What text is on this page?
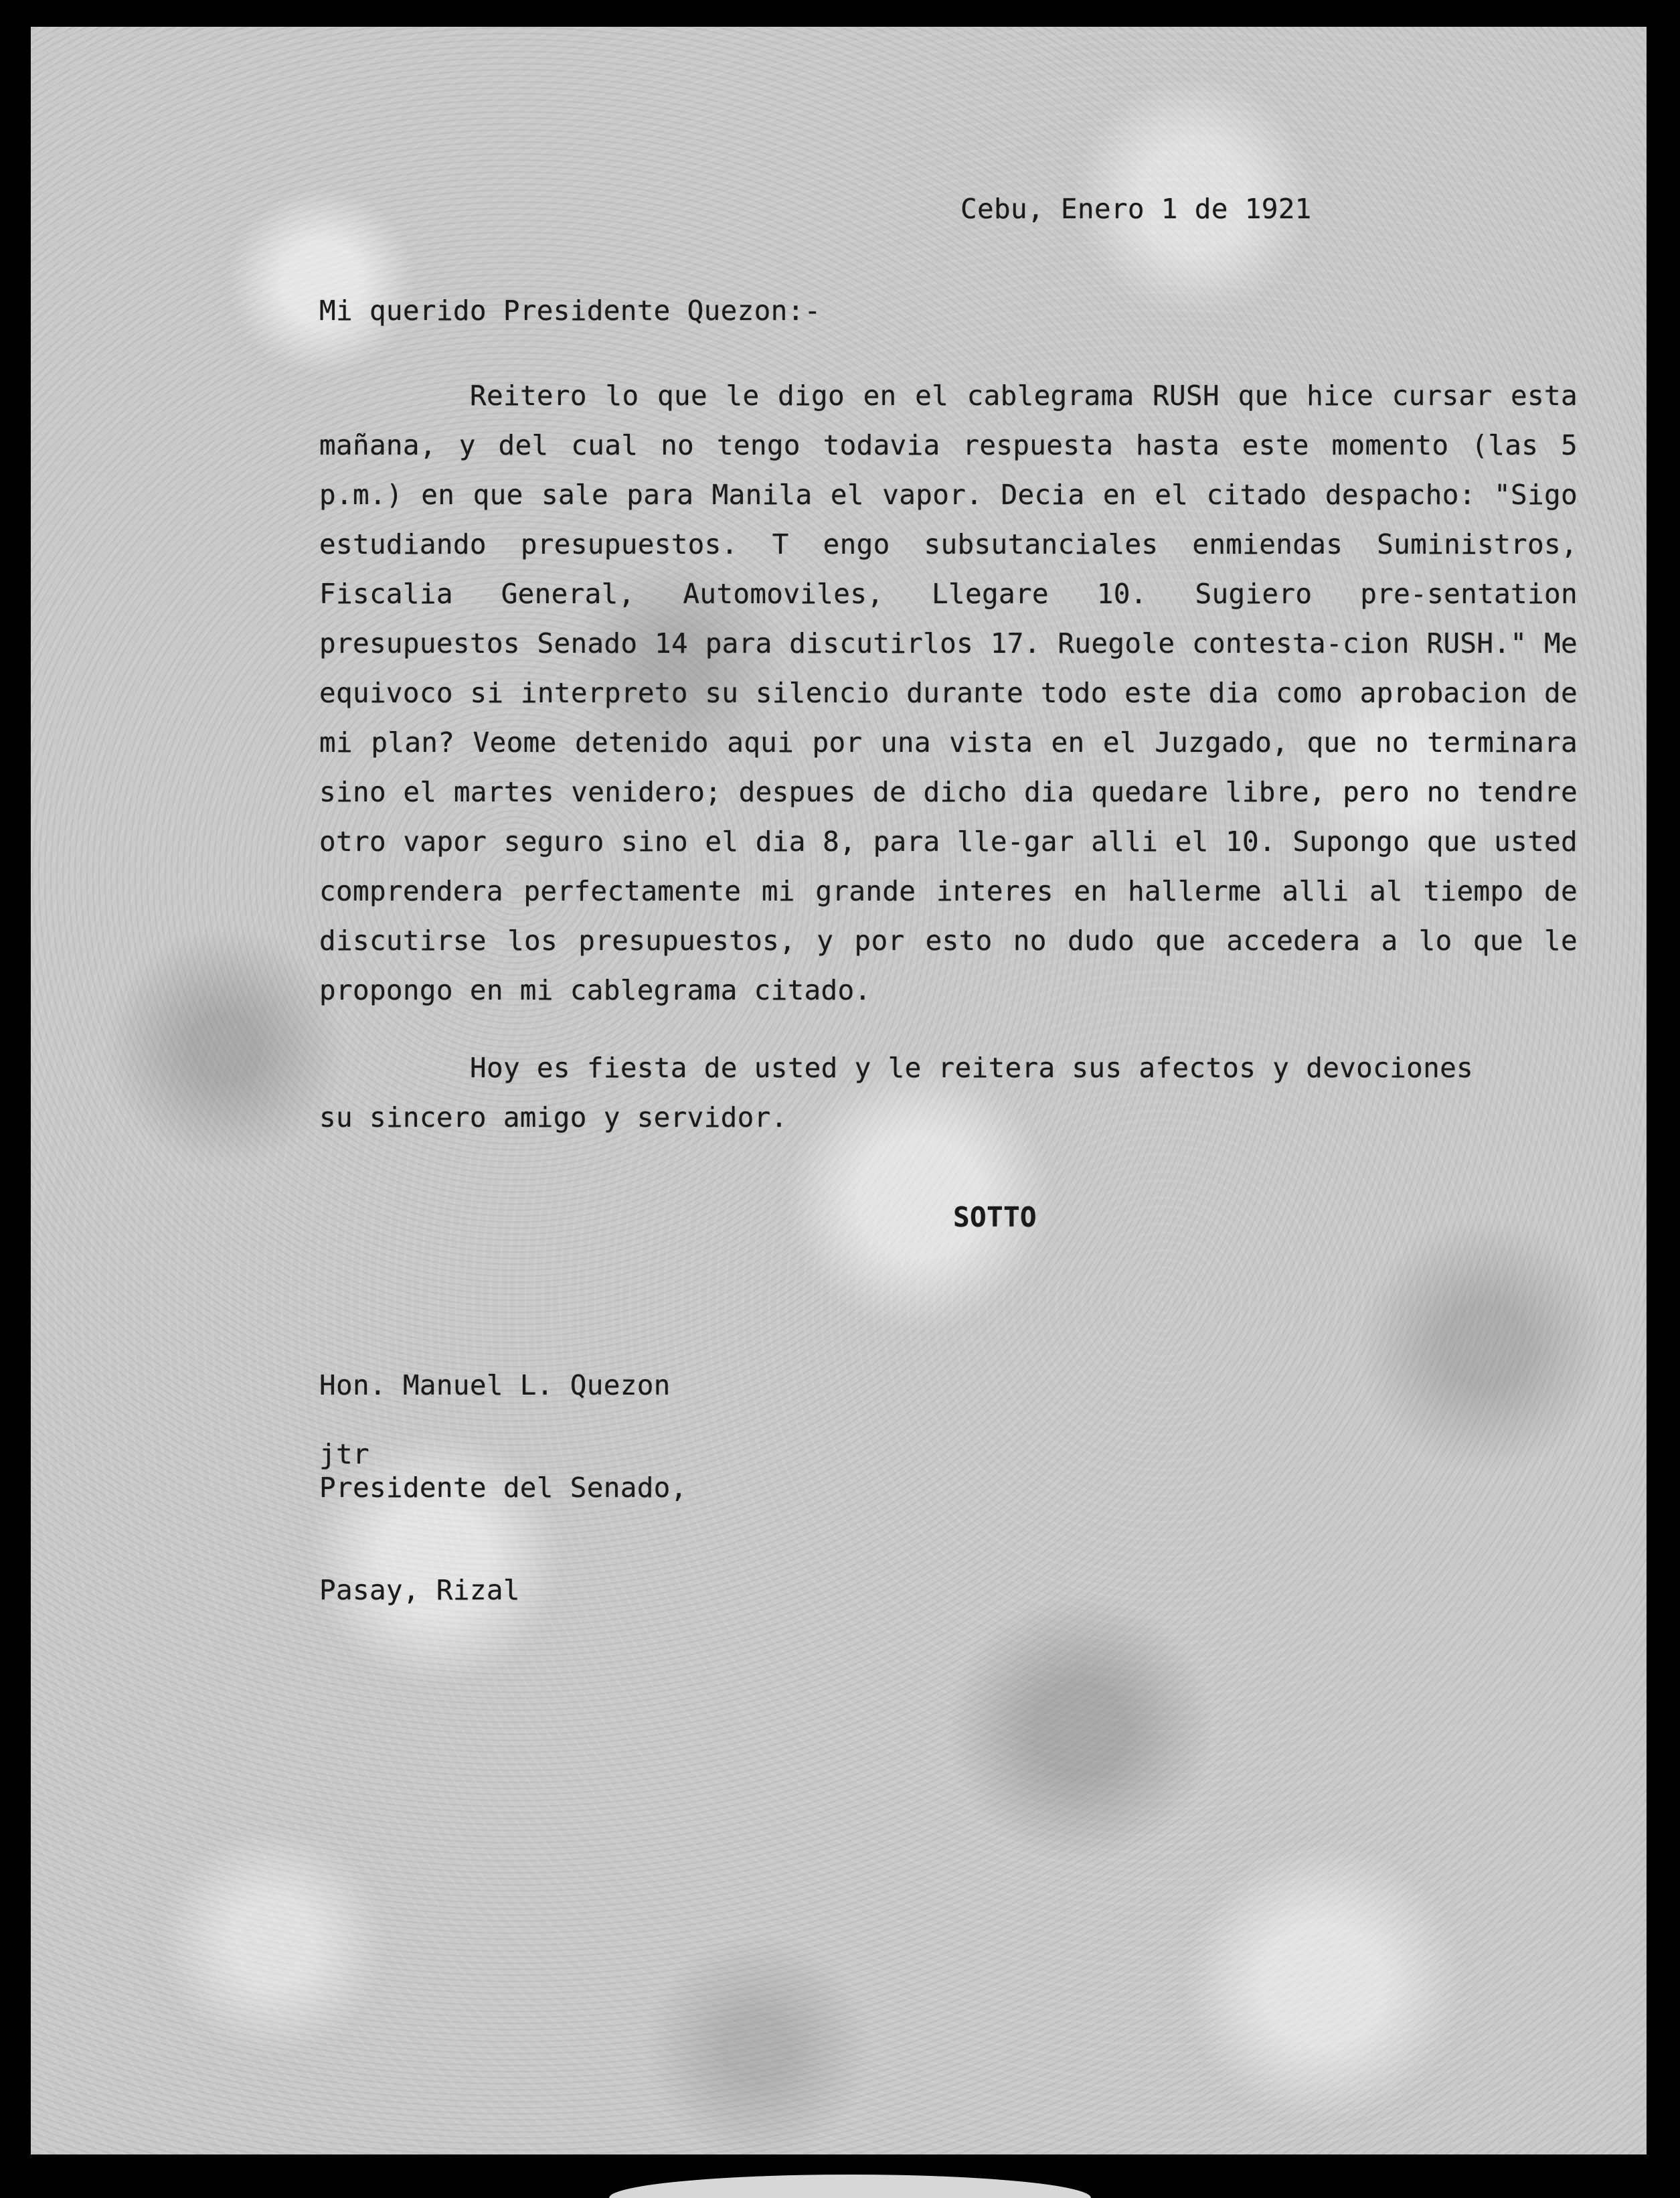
Cebu, Enero 1 de 1921
Mi querido Presidente Quezon:-
Reitero lo que le digo en el cablegrama RUSH que hice cursar esta mañana, y del cual no tengo todavia respuesta hasta este momento (las 5 p.m.) en que sale para Manila el vapor. Decia en el citado despacho: "Sigo estudiando presupuestos. T engo subsutanciales enmiendas Suministros, Fiscalia General, Automoviles, Llegare 10. Sugiero pre-sentation presupuestos Senado 14 para discutirlos 17. Ruegole contesta-cion RUSH." Me equivoco si interpreto su silencio durante todo este dia como aprobacion de mi plan? Veome detenido aqui por una vista en el Juzgado, que no terminara sino el martes venidero; despues de dicho dia quedare libre, pero no tendre otro vapor seguro sino el dia 8, para lle-gar alli el 10. Supongo que usted comprendera perfectamente mi grande interes en hallerme alli al tiempo de discutirse los presupuestos, y por esto no dudo que accedera a lo que le propongo en mi cablegrama citado.
Hoy es fiesta de usted y le reitera sus afectos y devociones su sincero amigo y servidor.
SOTTO

Hon. Manuel L. Quezon

Presidente del Senado,

Pasay, Rizal

jtr
